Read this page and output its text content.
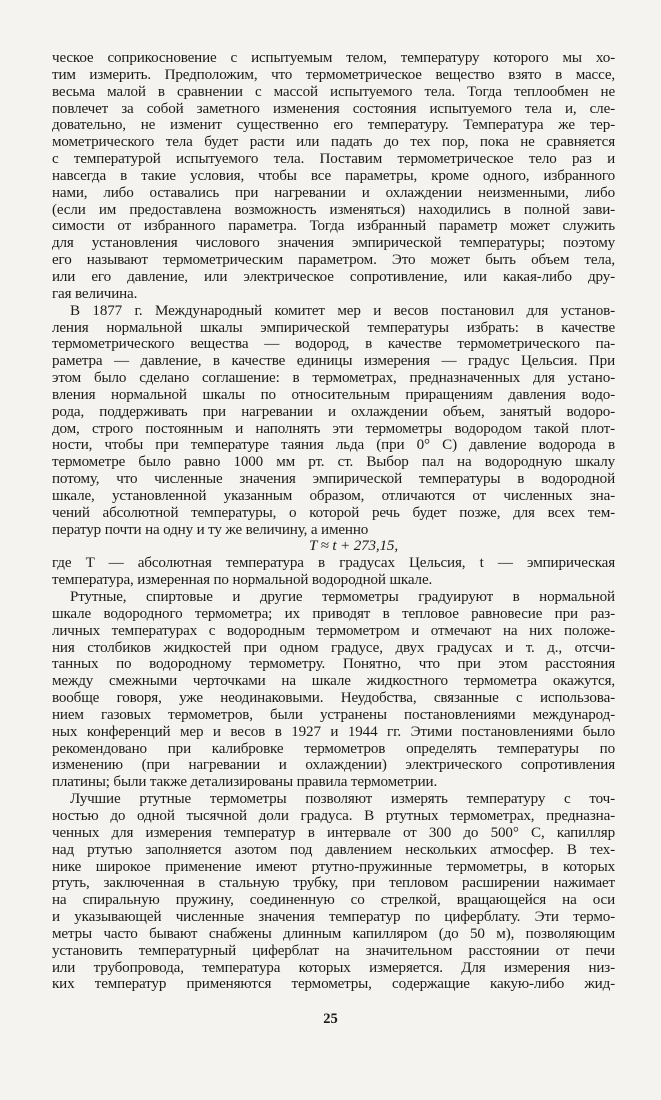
ческое соприкосновение с испытуемым телом, температуру которого мы хо-
тим измерить. Предположим, что термометрическое вещество взято в массе,
весьма малой в сравнении с массой испытуемого тела. Тогда теплообмен не
повлечет за собой заметного изменения состояния испытуемого тела и, сле-
довательно, не изменит существенно его температуру. Температура же тер-
мометрического тела будет расти или падать до тех пор, пока не сравняется
с температурой испытуемого тела. Поставим термометрическое тело раз и
навсегда в такие условия, чтобы все параметры, кроме одного, избранного
нами, либо оставались при нагревании и охлаждении неизменными, либо
(если им предоставлена возможность изменяться) находились в полной зави-
симости от избранного параметра. Тогда избранный параметр может служить
для установления числового значения эмпирической температуры; поэтому
его называют термометрическим параметром. Это может быть объем тела,
или его давление, или электрическое сопротивление, или какая-либо дру-
гая величина.
В 1877 г. Международный комитет мер и весов постановил для установ-
ления нормальной шкалы эмпирической температуры избрать: в качестве
термометрического вещества — водород, в качестве термометрического па-
раметра — давление, в качестве единицы измерения — градус Цельсия. При
этом было сделано соглашение: в термометрах, предназначенных для устано-
вления нормальной шкалы по относительным приращениям давления водо-
рода, поддерживать при нагревании и охлаждении объем, занятый водоро-
дом, строго постоянным и наполнять эти термометры водородом такой плот-
ности, чтобы при температуре таяния льда (при 0° C) давление водорода в
термометре было равно 1000 мм рт. ст. Выбор пал на водородную шкалу
потому, что численные значения эмпирической температуры в водородной
шкале, установленной указанным образом, отличаются от численных зна-
чений абсолютной температуры, о которой речь будет позже, для всех тем-
ператур почти на одну и ту же величину, а именно
T ≈ t + 273,15,
где T — абсолютная температура в градусах Цельсия, t — эмпирическая
температура, измеренная по нормальной водородной шкале.
Ртутные, спиртовые и другие термометры градуируют в нормальной
шкале водородного термометра; их приводят в тепловое равновесие при раз-
личных температурах с водородным термометром и отмечают на них положе-
ния столбиков жидкостей при одном градусе, двух градусах и т. д., отсчи-
танных по водородному термометру. Понятно, что при этом расстояния
между смежными черточками на шкале жидкостного термометра окажутся,
вообще говоря, уже неодинаковыми. Неудобства, связанные с использова-
нием газовых термометров, были устранены постановлениями международ-
ных конференций мер и весов в 1927 и 1944 гг. Этими постановлениями было
рекомендовано при калибровке термометров определять температуры по
изменению (при нагревании и охлаждении) электрического сопротивления
платины; были также детализированы правила термометрии.
Лучшие ртутные термометры позволяют измерять температуру с точ-
ностью до одной тысячной доли градуса. В ртутных термометрах, предназна-
ченных для измерения температур в интервале от 300 до 500° C, капилляр
над ртутью заполняется азотом под давлением нескольких атмосфер. В тех-
нике широкое применение имеют ртутно-пружинные термометры, в которых
ртуть, заключенная в стальную трубку, при тепловом расширении нажимает
на спиральную пружину, соединенную со стрелкой, вращающейся на оси
и указывающей численные значения температур по циферблату. Эти термо-
метры часто бывают снабжены длинным капилляром (до 50 м), позволяющим
установить температурный циферблат на значительном расстоянии от печи
или трубопровода, температура которых измеряется. Для измерения низ-
ких температур применяются термометры, содержащие какую-либо жид-
25
